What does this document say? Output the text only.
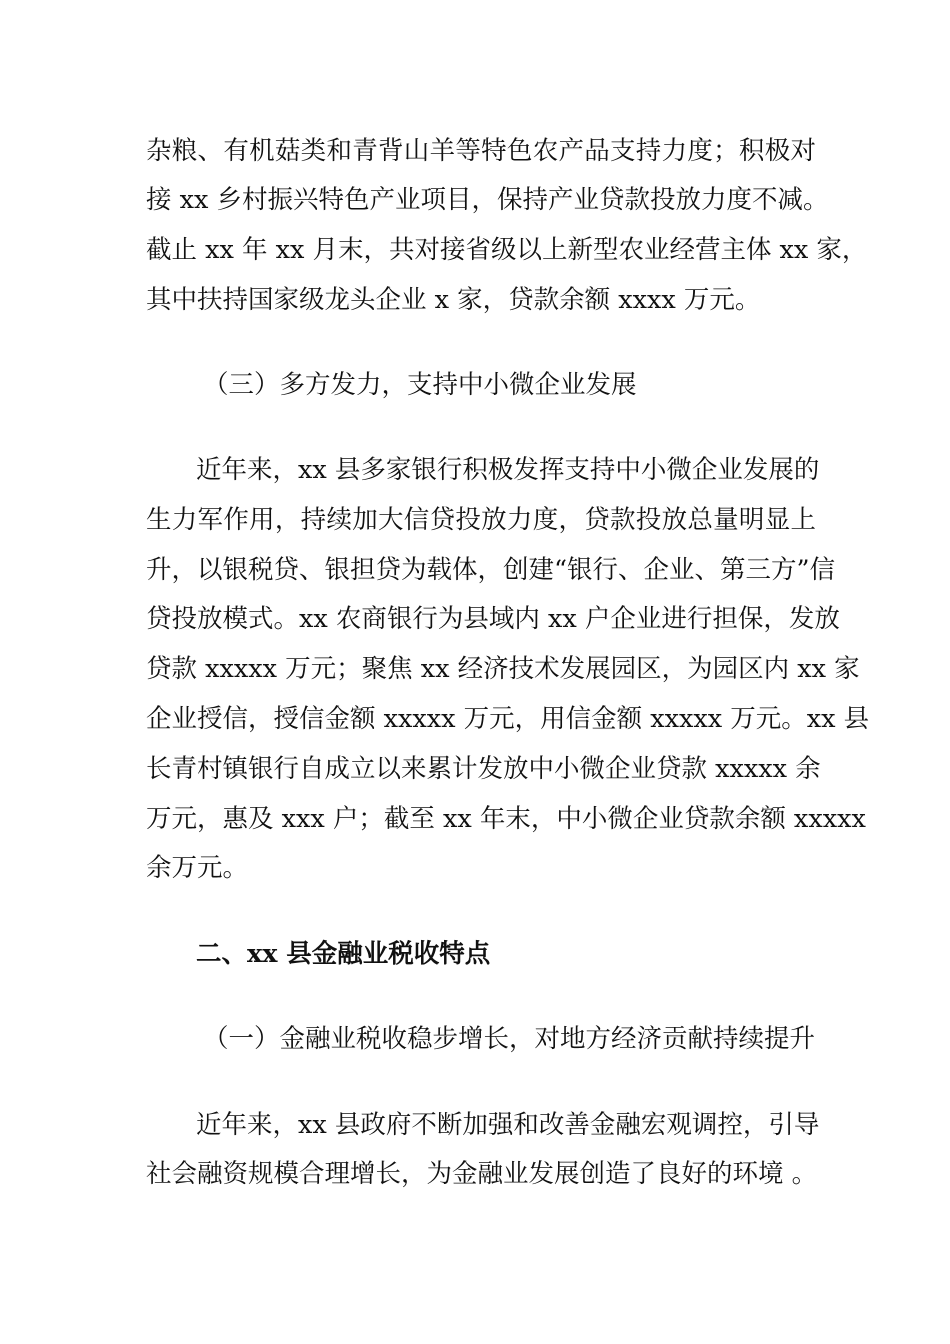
杂粮、有机菇类和青背山羊等特色农产品支持力度；积极对
接 xx 乡村振兴特色产业项目，保持产业贷款投放力度不减。
截止 xx 年 xx 月末，共对接省级以上新型农业经营主体 xx 家，
其中扶持国家级龙头企业 x 家，贷款余额 xxxx 万元。
（三）多方发力，支持中小微企业发展
近年来，xx 县多家银行积极发挥支持中小微企业发展的
生力军作用，持续加大信贷投放力度，贷款投放总量明显上
升，以银税贷、银担贷为载体，创建“银行、企业、第三方”信
贷投放模式。xx 农商银行为县域内 xx 户企业进行担保，发放
贷款 xxxxx 万元；聚焦 xx 经济技术发展园区，为园区内 xx 家
企业授信，授信金额 xxxxx 万元，用信金额 xxxxx 万元。xx 县
长青村镇银行自成立以来累计发放中小微企业贷款 xxxxx 余
万元，惠及 xxx 户；截至 xx 年末，中小微企业贷款余额 xxxxx
余万元。
二、xx 县金融业税收特点
（一）金融业税收稳步增长，对地方经济贡献持续提升
近年来，xx 县政府不断加强和改善金融宏观调控，引导
社会融资规模合理增长，为金融业发展创造了良好的环境 。
